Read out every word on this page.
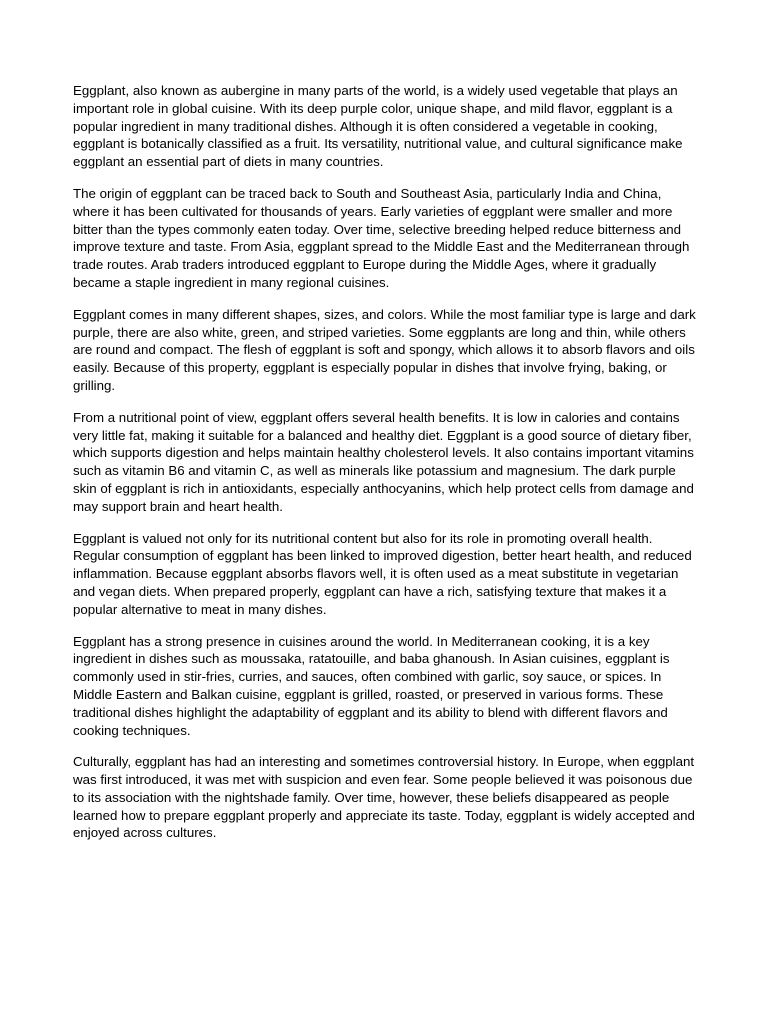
Eggplant, also known as aubergine in many parts of the world, is a widely used vegetable that plays an important role in global cuisine. With its deep purple color, unique shape, and mild flavor, eggplant is a popular ingredient in many traditional dishes. Although it is often considered a vegetable in cooking, eggplant is botanically classified as a fruit. Its versatility, nutritional value, and cultural significance make eggplant an essential part of diets in many countries.

The origin of eggplant can be traced back to South and Southeast Asia, particularly India and China, where it has been cultivated for thousands of years. Early varieties of eggplant were smaller and more bitter than the types commonly eaten today. Over time, selective breeding helped reduce bitterness and improve texture and taste. From Asia, eggplant spread to the Middle East and the Mediterranean through trade routes. Arab traders introduced eggplant to Europe during the Middle Ages, where it gradually became a staple ingredient in many regional cuisines.

Eggplant comes in many different shapes, sizes, and colors. While the most familiar type is large and dark purple, there are also white, green, and striped varieties. Some eggplants are long and thin, while others are round and compact. The flesh of eggplant is soft and spongy, which allows it to absorb flavors and oils easily. Because of this property, eggplant is especially popular in dishes that involve frying, baking, or grilling.

From a nutritional point of view, eggplant offers several health benefits. It is low in calories and contains very little fat, making it suitable for a balanced and healthy diet. Eggplant is a good source of dietary fiber, which supports digestion and helps maintain healthy cholesterol levels. It also contains important vitamins such as vitamin B6 and vitamin C, as well as minerals like potassium and magnesium. The dark purple skin of eggplant is rich in antioxidants, especially anthocyanins, which help protect cells from damage and may support brain and heart health.

Eggplant is valued not only for its nutritional content but also for its role in promoting overall health. Regular consumption of eggplant has been linked to improved digestion, better heart health, and reduced inflammation. Because eggplant absorbs flavors well, it is often used as a meat substitute in vegetarian and vegan diets. When prepared properly, eggplant can have a rich, satisfying texture that makes it a popular alternative to meat in many dishes.

Eggplant has a strong presence in cuisines around the world. In Mediterranean cooking, it is a key ingredient in dishes such as moussaka, ratatouille, and baba ghanoush. In Asian cuisines, eggplant is commonly used in stir-fries, curries, and sauces, often combined with garlic, soy sauce, or spices. In Middle Eastern and Balkan cuisine, eggplant is grilled, roasted, or preserved in various forms. These traditional dishes highlight the adaptability of eggplant and its ability to blend with different flavors and cooking techniques.

Culturally, eggplant has had an interesting and sometimes controversial history. In Europe, when eggplant was first introduced, it was met with suspicion and even fear. Some people believed it was poisonous due to its association with the nightshade family. Over time, however, these beliefs disappeared as people learned how to prepare eggplant properly and appreciate its taste. Today, eggplant is widely accepted and enjoyed across cultures.
